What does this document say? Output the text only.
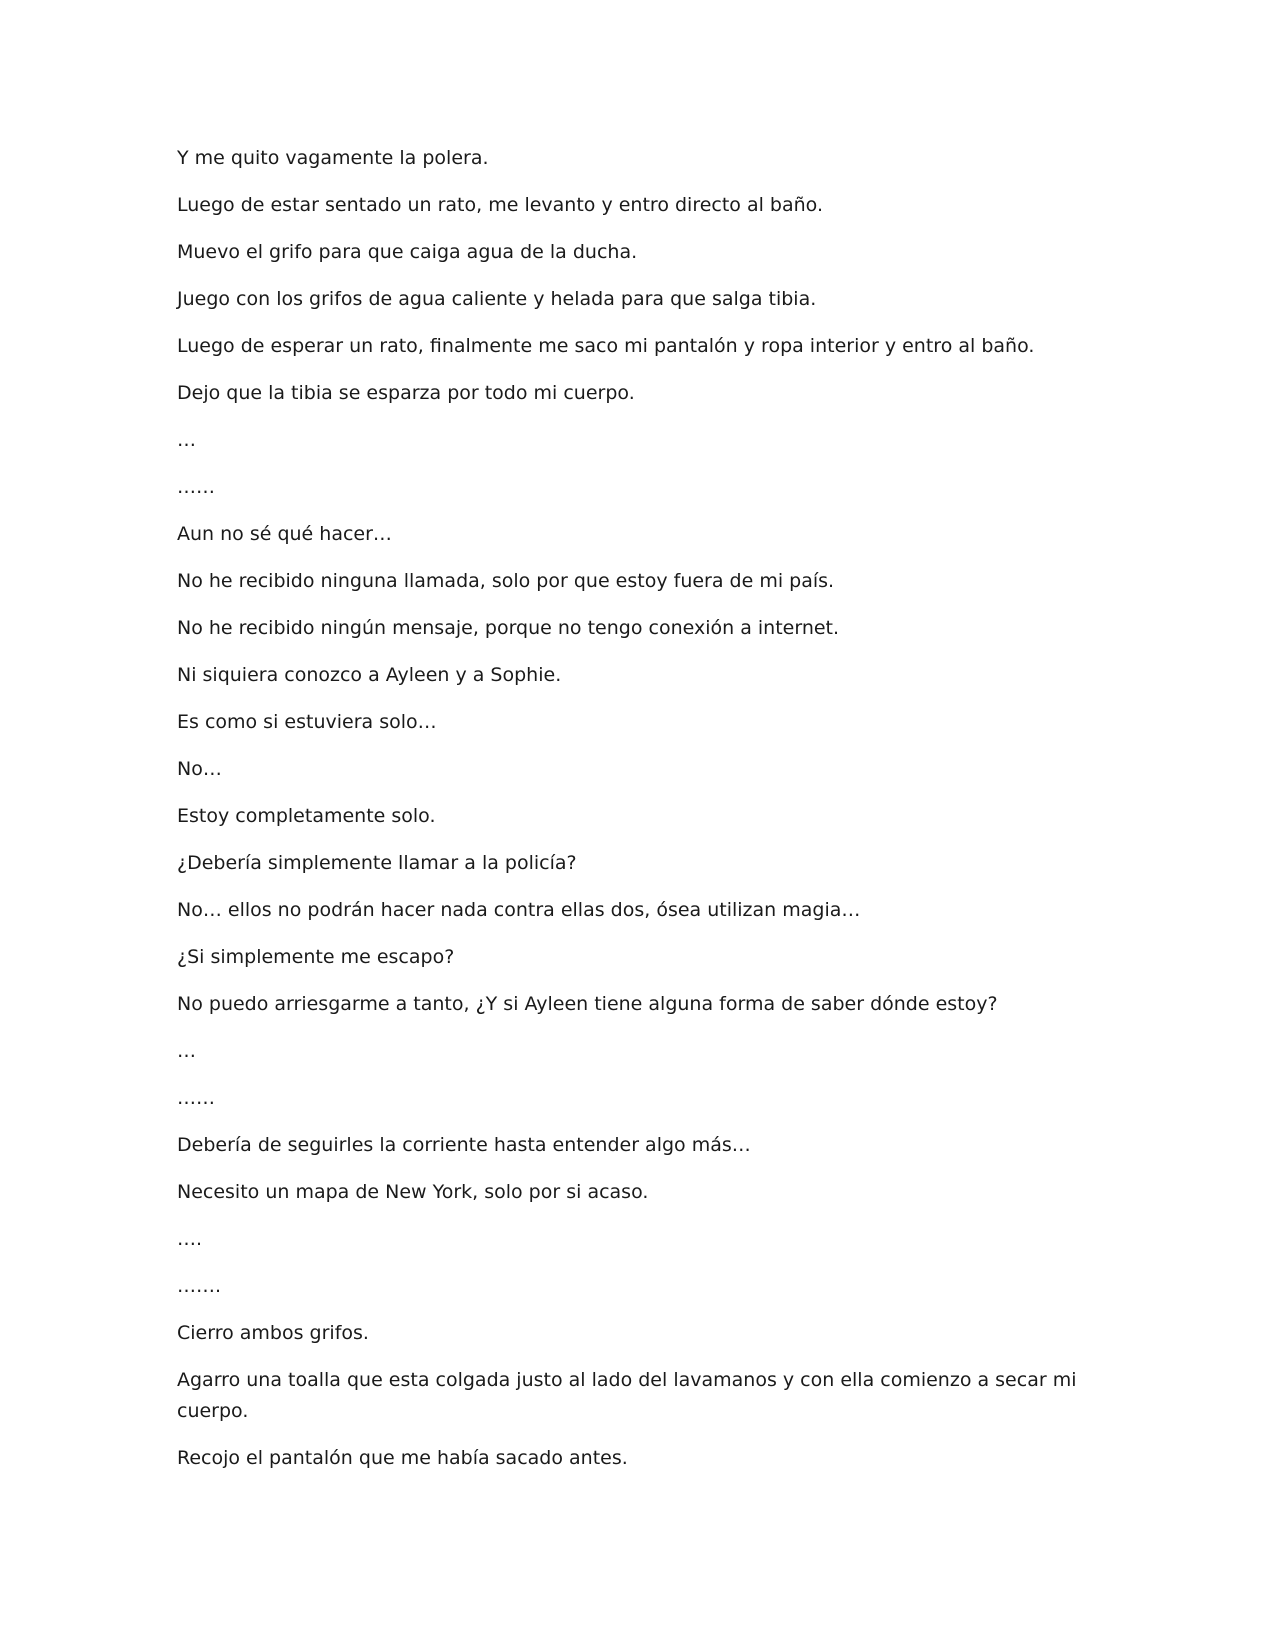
Y me quito vagamente la polera.

Luego de estar sentado un rato, me levanto y entro directo al baño.

Muevo el grifo para que caiga agua de la ducha.

Juego con los grifos de agua caliente y helada para que salga tibia.

Luego de esperar un rato, finalmente me saco mi pantalón y ropa interior y entro al baño.

Dejo que la tibia se esparza por todo mi cuerpo.

…

……

Aun no sé qué hacer…

No he recibido ninguna llamada, solo por que estoy fuera de mi país.

No he recibido ningún mensaje, porque no tengo conexión a internet.

Ni siquiera conozco a Ayleen y a Sophie.

Es como si estuviera solo…

No…

Estoy completamente solo.

¿Debería simplemente llamar a la policía?

No… ellos no podrán hacer nada contra ellas dos, ósea utilizan magia…

¿Si simplemente me escapo?

No puedo arriesgarme a tanto, ¿Y si Ayleen tiene alguna forma de saber dónde estoy?

…

……

Debería de seguirles la corriente hasta entender algo más…

Necesito un mapa de New York, solo por si acaso.

….

…….

Cierro ambos grifos.

Agarro una toalla que esta colgada justo al lado del lavamanos y con ella comienzo a secar mi cuerpo.

Recojo el pantalón que me había sacado antes.
